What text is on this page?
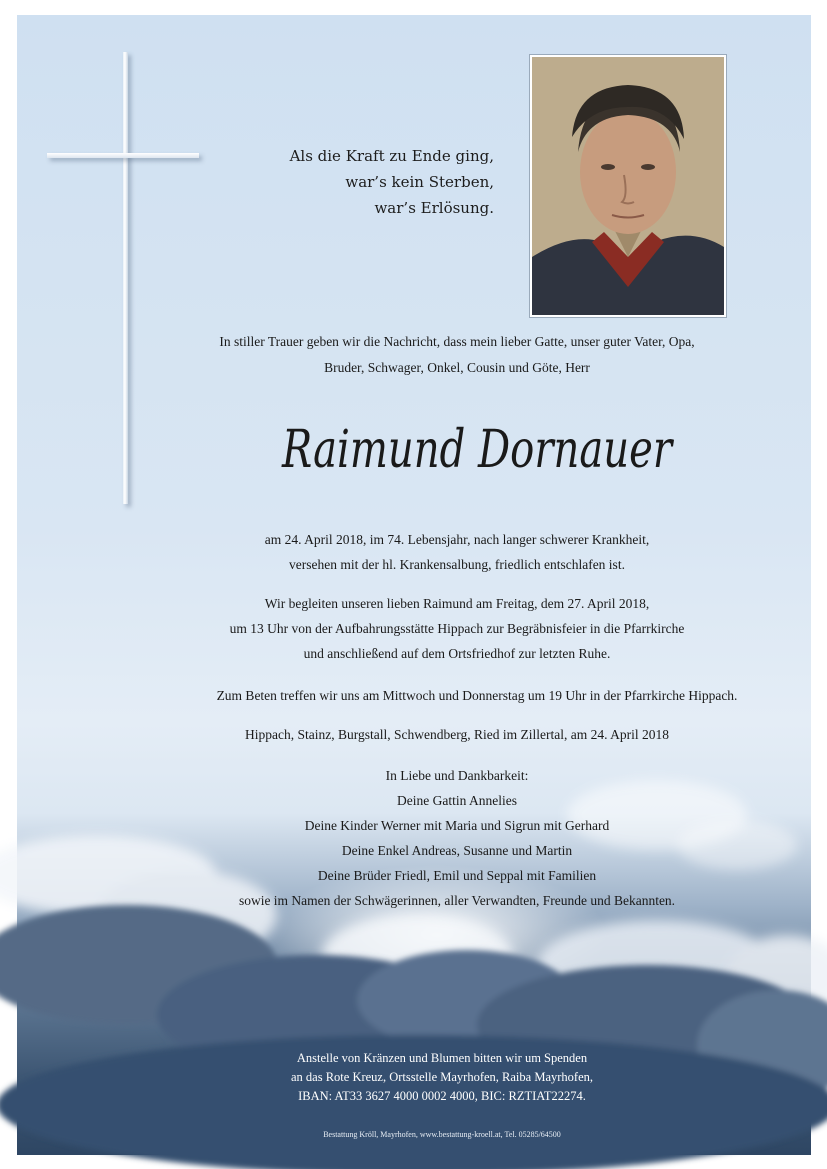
Als die Kraft zu Ende ging,
war’s kein Sterben,
war’s Erlösung.
In stiller Trauer geben wir die Nachricht, dass mein lieber Gatte, unser guter Vater, Opa,
Bruder, Schwager, Onkel, Cousin und Göte, Herr
Raimund Dornauer
am 24. April 2018, im 74. Lebensjahr, nach langer schwerer Krankheit,
versehen mit der hl. Krankensalbung, friedlich entschlafen ist.
Wir begleiten unseren lieben Raimund am Freitag, dem 27. April 2018,
um 13 Uhr von der Aufbahrungsstätte Hippach zur Begräbnisfeier in die Pfarrkirche
und anschließend auf dem Ortsfriedhof zur letzten Ruhe.
Zum Beten treffen wir uns am Mittwoch und Donnerstag um 19 Uhr in der Pfarrkirche Hippach.
Hippach, Stainz, Burgstall, Schwendberg, Ried im Zillertal, am 24. April 2018
In Liebe und Dankbarkeit:
Deine Gattin Annelies
Deine Kinder Werner mit Maria und Sigrun mit Gerhard
Deine Enkel Andreas, Susanne und Martin
Deine Brüder Friedl, Emil und Seppal mit Familien
sowie im Namen der Schwägerinnen, aller Verwandten, Freunde und Bekannten.
Anstelle von Kränzen und Blumen bitten wir um Spenden
an das Rote Kreuz, Ortsstelle Mayrhofen, Raiba Mayrhofen,
IBAN: AT33 3627 4000 0002 4000, BIC: RZTIAT22274.
Bestattung Kröll, Mayrhofen, www.bestattung-kroell.at, Tel. 05285/64500
